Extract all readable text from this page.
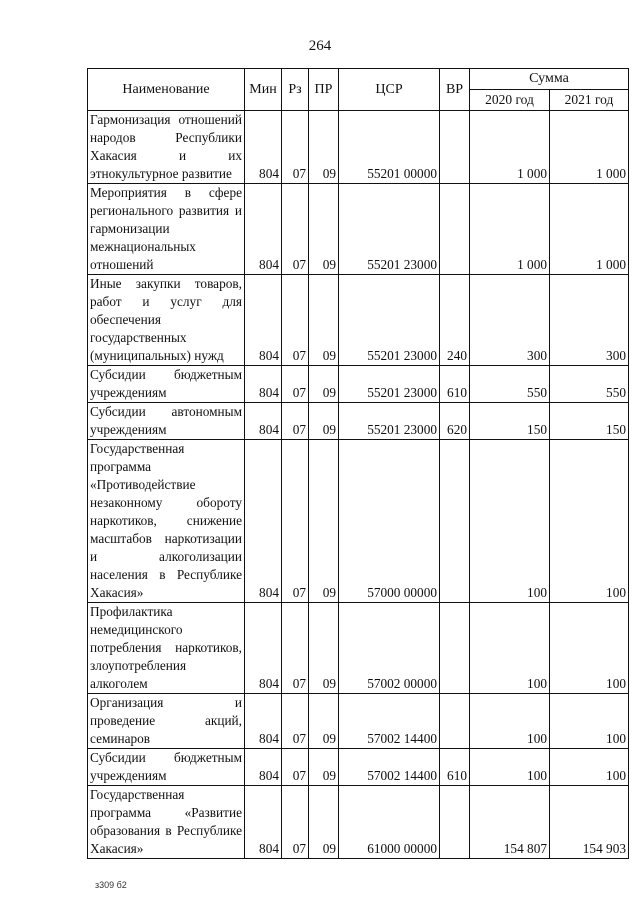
264
Наименование	Мин	Рз	ПР	ЦСР	ВР	Сумма	
						2020 год	2021 год
Гармонизация отношений народов Республики Хакасия и их этнокультурное развитие	804	07	09	55201 00000		1 000	1 000
Мероприятия в сфере регионального развития и гармонизации межнациональных отношений	804	07	09	55201 23000		1 000	1 000
Иные закупки товаров, работ и услуг для обеспечения государственных (муниципальных) нужд	804	07	09	55201 23000	240	300	300
Субсидии бюджетным учреждениям	804	07	09	55201 23000	610	550	550
Субсидии автономным учреждениям	804	07	09	55201 23000	620	150	150
Государственная программа «Противодействие незаконному обороту наркотиков, снижение масштабов наркотизации и алкоголизации населения в Республике Хакасия»	804	07	09	57000 00000		100	100
Профилактика немедицинского потребления наркотиков, злоупотребления алкоголем	804	07	09	57002 00000		100	100
Организация и проведение акций, семинаров	804	07	09	57002 14400		100	100
Субсидии бюджетным учреждениям	804	07	09	57002 14400	610	100	100
Государственная программа «Развитие образования в Республике Хакасия»	804	07	09	61000 00000		154 807	154 903
з309 б2
